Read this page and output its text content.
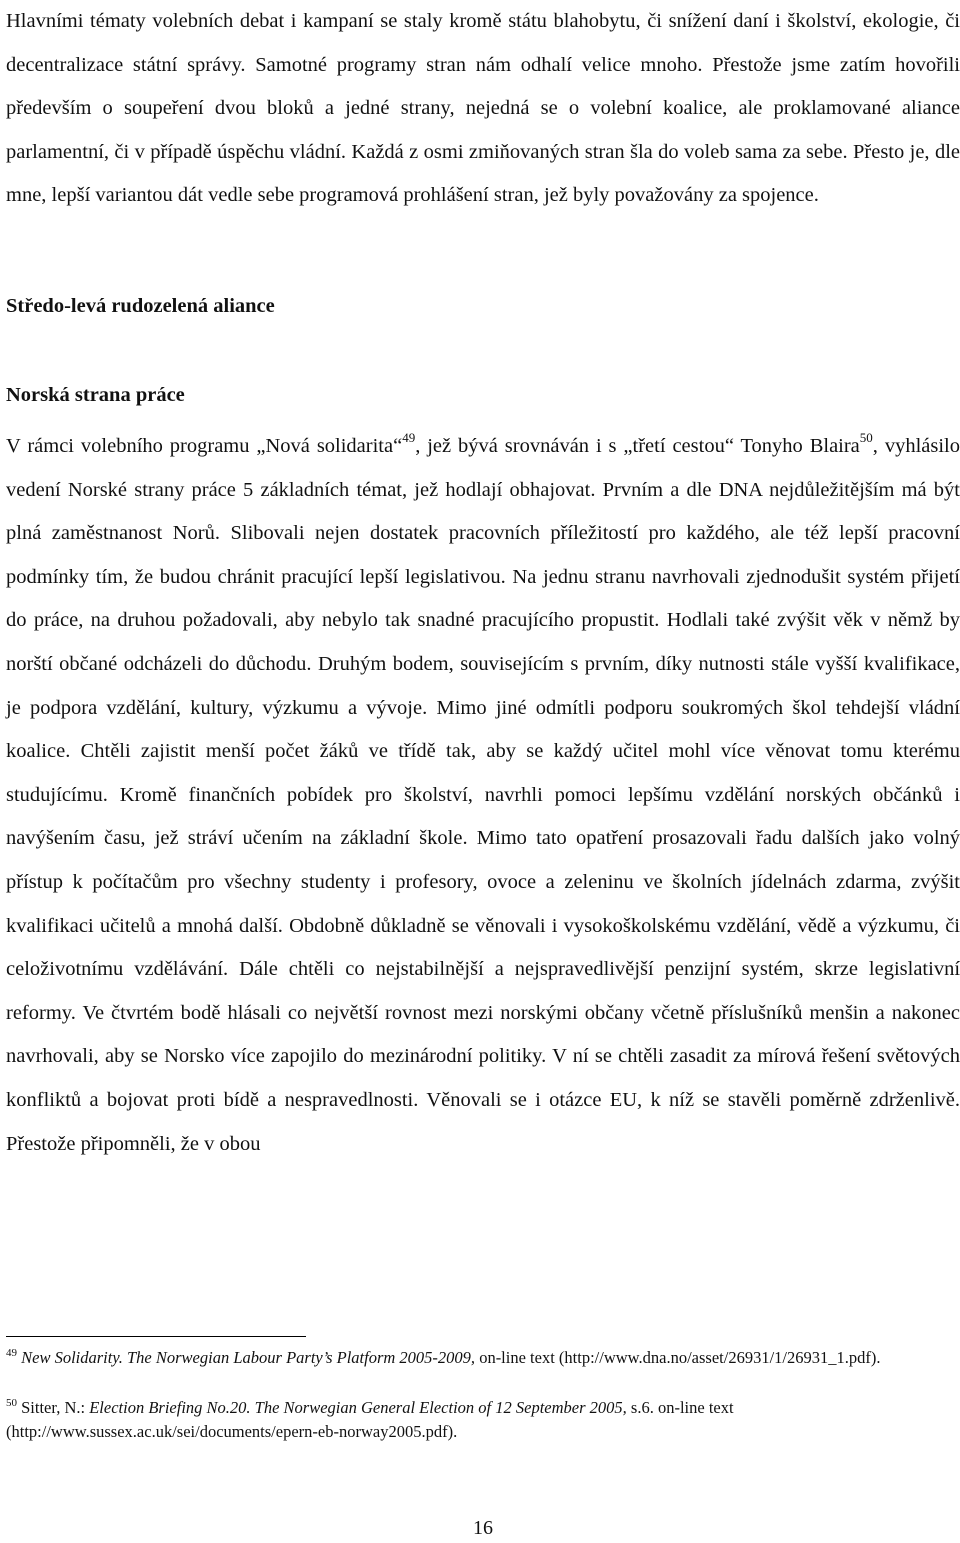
Hlavními tématy volebních debat i kampaní se staly kromě státu blahobytu, či snížení daní i školství, ekologie, či decentralizace státní správy. Samotné programy stran nám odhalí velice mnoho. Přestože jsme zatím hovořili především o soupeření dvou bloků a jedné strany, nejedná se o volební koalice, ale proklamované aliance parlamentní, či v případě úspěchu vládní. Každá z osmi zmiňovaných stran šla do voleb sama za sebe. Přesto je, dle mne, lepší variantou dát vedle sebe programová prohlášení stran, jež byly považovány za spojence.

Středo-levá rudozelená aliance

Norská strana práce

V rámci volebního programu „Nová solidarita“$^{49}$, jež bývá srovnáván i s „třetí cestou“ Tonyho Blaira$^{50}$, vyhlásilo vedení Norské strany práce 5 základních témat, jež hodlají obhajovat. Prvním a dle DNA nejdůležitějším má být plná zaměstnanost Norů. Slibovali nejen dostatek pracovních příležitostí pro každého, ale též lepší pracovní podmínky tím, že budou chránit pracující lepší legislativou. Na jednu stranu navrhovali zjednodušit systém přijetí do práce, na druhou požadovali, aby nebylo tak snadné pracujícího propustit. Hodlali také zvýšit věk v němž by norští občané odcházeli do důchodu. Druhým bodem, souvisejícím s prvním, díky nutnosti stále vyšší kvalifikace, je podpora vzdělání, kultury, výzkumu a vývoje. Mimo jiné odmítli podporu soukromých škol tehdejší vládní koalice. Chtěli zajistit menší počet žáků ve třídě tak, aby se každý učitel mohl více věnovat tomu kterému studujícímu. Kromě finančních pobídek pro školství, navrhli pomoci lepšímu vzdělání norských občánků i navýšením času, jež stráví učením na základní škole. Mimo tato opatření prosazovali řadu dalších jako volný přístup k počítačům pro všechny studenty i profesory, ovoce a zeleninu ve školních jídelnách zdarma, zvýšit kvalifikaci učitelů a mnohá další. Obdobně důkladně se věnovali i vysokoškolskému vzdělání, vědě a výzkumu, či celoživotnímu vzdělávání. Dále chtěli co nejstabilnější a nejspravedlivější penzijní systém, skrze legislativní reformy. Ve čtvrtém bodě hlásali co největší rovnost mezi norskými občany včetně příslušníků menšin a nakonec navrhovali, aby se Norsko více zapojilo do mezinárodní politiky. V ní se chtěli zasadit za mírová řešení světových konfliktů a bojovat proti bídě a nespravedlnosti. Věnovali se i otázce EU, k níž se stavěli poměrně zdrženlivě. Přestože připomněli, že v obou

$^{49}$ New Solidarity. The Norwegian Labour Party’s Platform 2005-2009, on-line text (http://www.dna.no/asset/26931/1/26931_1.pdf).

$^{50}$ Sitter, N.: Election Briefing No.20. The Norwegian General Election of 12 September 2005, s.6. on-line text (http://www.sussex.ac.uk/sei/documents/epern-eb-norway2005.pdf).

16
